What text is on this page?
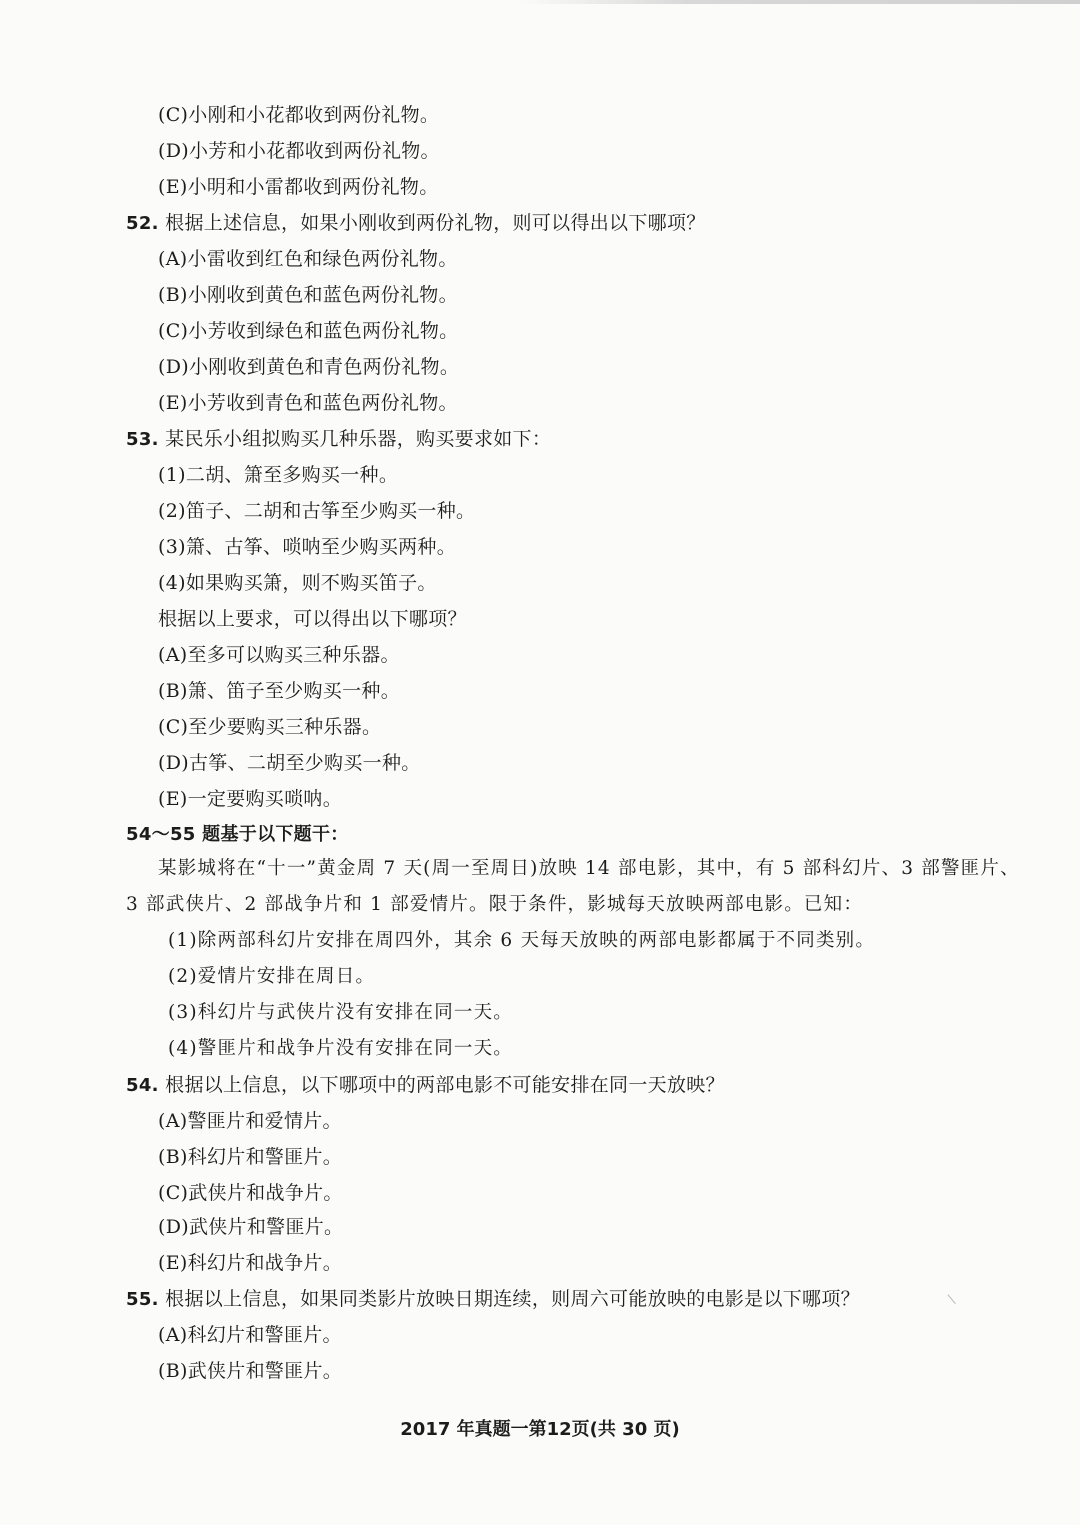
(C)小刚和小花都收到两份礼物。

(D)小芳和小花都收到两份礼物。

(E)小明和小雷都收到两份礼物。

52. 根据上述信息，如果小刚收到两份礼物，则可以得出以下哪项？

(A)小雷收到红色和绿色两份礼物。

(B)小刚收到黄色和蓝色两份礼物。

(C)小芳收到绿色和蓝色两份礼物。

(D)小刚收到黄色和青色两份礼物。

(E)小芳收到青色和蓝色两份礼物。

53. 某民乐小组拟购买几种乐器，购买要求如下：

(1)二胡、箫至多购买一种。

(2)笛子、二胡和古筝至少购买一种。

(3)箫、古筝、唢呐至少购买两种。

(4)如果购买箫，则不购买笛子。

根据以上要求，可以得出以下哪项？

(A)至多可以购买三种乐器。

(B)箫、笛子至少购买一种。

(C)至少要购买三种乐器。

(D)古筝、二胡至少购买一种。

(E)一定要购买唢呐。

54～55 题基于以下题干：

某影城将在“十一”黄金周 7 天(周一至周日)放映 14 部电影，其中，有 5 部科幻片、3 部警匪片、

3 部武侠片、2 部战争片和 1 部爱情片。限于条件，影城每天放映两部电影。已知：

(1)除两部科幻片安排在周四外，其余 6 天每天放映的两部电影都属于不同类别。

(2)爱情片安排在周日。

(3)科幻片与武侠片没有安排在同一天。

(4)警匪片和战争片没有安排在同一天。

54. 根据以上信息，以下哪项中的两部电影不可能安排在同一天放映？

(A)警匪片和爱情片。

(B)科幻片和警匪片。

(C)武侠片和战争片。

(D)武侠片和警匪片。

(E)科幻片和战争片。

55. 根据以上信息，如果同类影片放映日期连续，则周六可能放映的电影是以下哪项？

(A)科幻片和警匪片。

(B)武侠片和警匪片。

2017 年真题一第12页(共 30 页)
